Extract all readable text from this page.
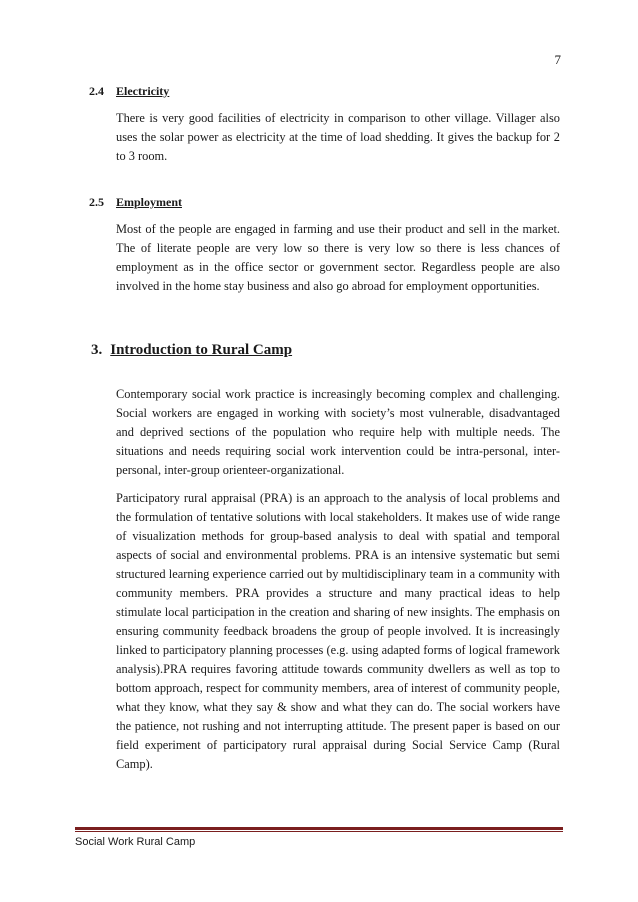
7
2.4 Electricity

There is very good facilities of electricity in comparison to other village. Villager also uses the solar power as electricity at the time of load shedding. It gives the backup for 2 to 3 room.

2.5 Employment

Most of the people are engaged in farming and use their product and sell in the market. The of literate people are very low so there is very low so there is less chances of employment as in the office sector or government sector. Regardless people are also involved in the home stay business and also go abroad for employment opportunities.

3. Introduction to Rural Camp

Contemporary social work practice is increasingly becoming complex and challenging. Social workers are engaged in working with society’s most vulnerable, disadvantaged and deprived sections of the population who require help with multiple needs. The situations and needs requiring social work intervention could be intra-personal, inter-personal, inter-group orienteer-organizational.

Participatory rural appraisal (PRA) is an approach to the analysis of local problems and the formulation of tentative solutions with local stakeholders. It makes use of wide range of visualization methods for group-based analysis to deal with spatial and temporal aspects of social and environmental problems. PRA is an intensive systematic but semi structured learning experience carried out by multidisciplinary team in a community with community members. PRA provides a structure and many practical ideas to help stimulate local participation in the creation and sharing of new insights. The emphasis on ensuring community feedback broadens the group of people involved. It is increasingly linked to participatory planning processes (e.g. using adapted forms of logical framework analysis).PRA requires favoring attitude towards community dwellers as well as top to bottom approach, respect for community members, area of interest of community people, what they know, what they say & show and what they can do. The social workers have the patience, not rushing and not interrupting attitude. The present paper is based on our field experiment of participatory rural appraisal during Social Service Camp (Rural Camp).

Social Work Rural Camp
